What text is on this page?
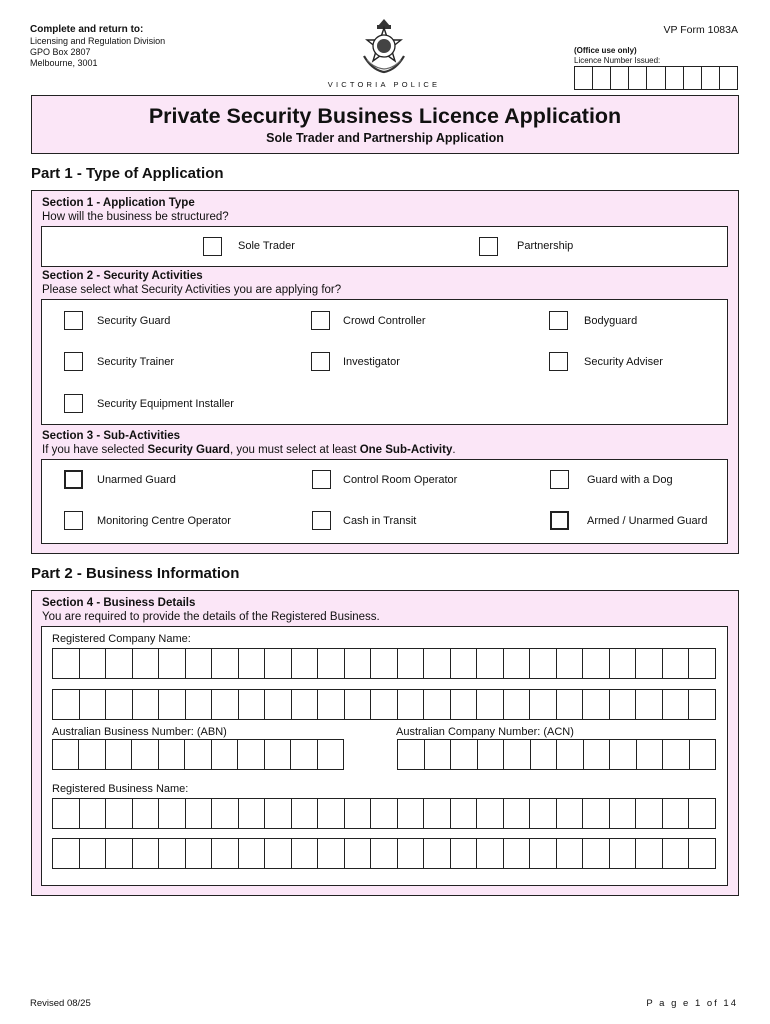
Complete and return to:
Licensing and Regulation Division
GPO Box 2807
Melbourne, 3001
VICTORIA POLICE
VP Form 1083A
(Office use only)
Licence Number Issued:
Private Security Business Licence Application
Sole Trader and Partnership Application
Part 1 - Type of Application
Section 1 - Application Type
How will the business be structured?
Sole Trader	Partnership
Section 2 - Security Activities
Please select what Security Activities you are applying for?
Security Guard	Crowd Controller	Bodyguard
Security Trainer	Investigator	Security Adviser
Security Equipment Installer
Section 3 - Sub-Activities
If you have selected Security Guard, you must select at least One Sub-Activity.
Unarmed Guard	Control Room Operator	Guard with a Dog
Monitoring Centre Operator	Cash in Transit	Armed / Unarmed Guard
Part 2 - Business Information
Section 4 - Business Details
You are required to provide the details of the Registered Business.
Registered Company Name:
Australian Business Number: (ABN)	Australian Company Number: (ACN)
Registered Business Name:
Revised 08/25	P a g e 1 of 14
